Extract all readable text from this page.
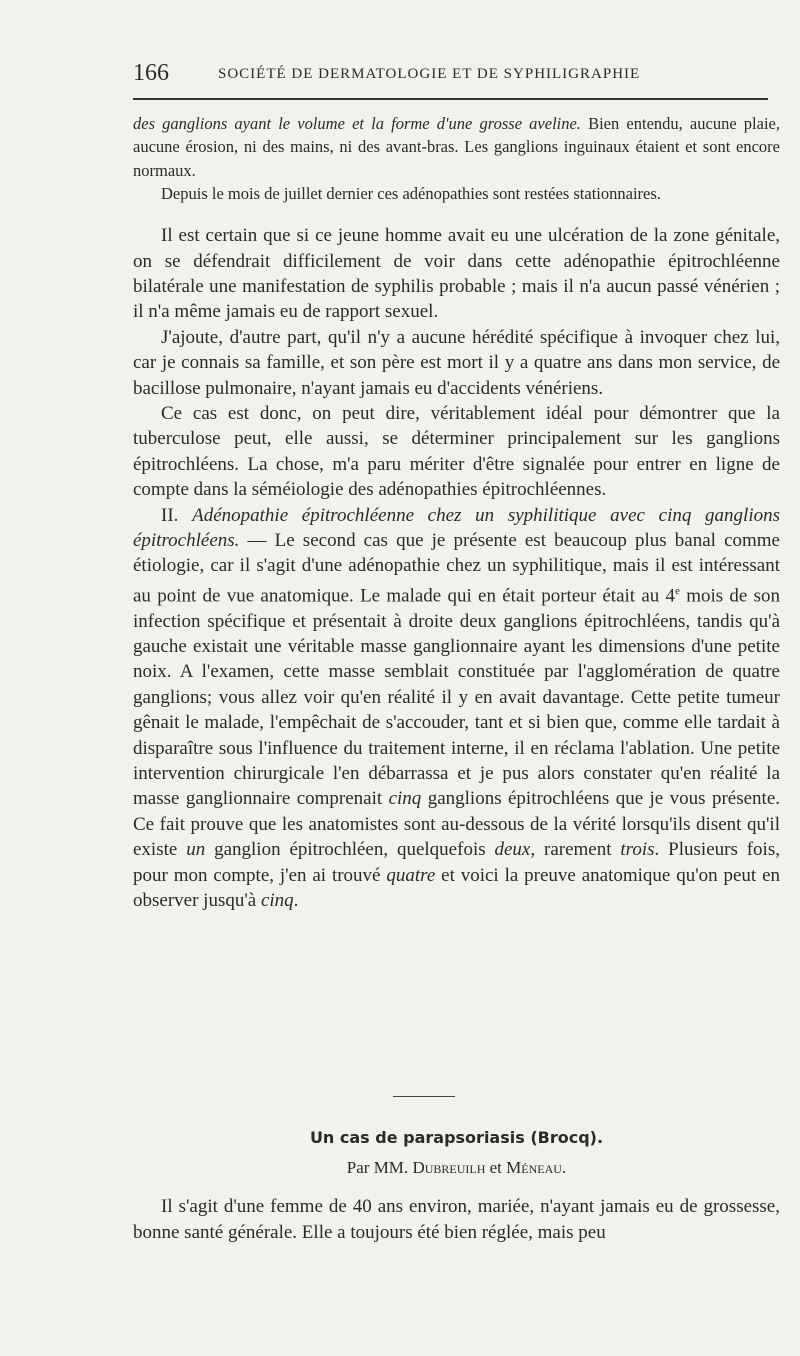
166	SOCIÉTÉ DE DERMATOLOGIE ET DE SYPHILIGRAPHIE

des ganglions ayant le volume et la forme d'une grosse aveline. Bien entendu, aucune plaie, aucune érosion, ni des mains, ni des avant-bras. Les ganglions inguinaux étaient et sont encore normaux.

Depuis le mois de juillet dernier ces adénopathies sont restées stationnaires.

Il est certain que si ce jeune homme avait eu une ulcération de la zone génitale, on se défendrait difficilement de voir dans cette adénopathie épitrochléenne bilatérale une manifestation de syphilis probable ; mais il n'a aucun passé vénérien ; il n'a même jamais eu de rapport sexuel.

J'ajoute, d'autre part, qu'il n'y a aucune hérédité spécifique à invoquer chez lui, car je connais sa famille, et son père est mort il y a quatre ans dans mon service, de bacillose pulmonaire, n'ayant jamais eu d'accidents vénériens.

Ce cas est donc, on peut dire, véritablement idéal pour démontrer que la tuberculose peut, elle aussi, se déterminer principalement sur les ganglions épitrochléens. La chose, m'a paru mériter d'être signalée pour entrer en ligne de compte dans la séméiologie des adénopathies épitrochléennes.

II. Adénopathie épitrochléenne chez un syphilitique avec cinq ganglions épitrochléens. — Le second cas que je présente est beaucoup plus banal comme étiologie, car il s'agit d'une adénopathie chez un syphilitique, mais il est intéressant au point de vue anatomique. Le malade qui en était porteur était au 4e mois de son infection spécifique et présentait à droite deux ganglions épitrochléens, tandis qu'à gauche existait une véritable masse ganglionnaire ayant les dimensions d'une petite noix. A l'examen, cette masse semblait constituée par l'agglomération de quatre ganglions; vous allez voir qu'en réalité il y en avait davantage. Cette petite tumeur gênait le malade, l'empêchait de s'accouder, tant et si bien que, comme elle tardait à disparaître sous l'influence du traitement interne, il en réclama l'ablation. Une petite intervention chirurgicale l'en débarrassa et je pus alors constater qu'en réalité la masse ganglionnaire comprenait cinq ganglions épitrochléens que je vous présente. Ce fait prouve que les anatomistes sont au-dessous de la vérité lorsqu'ils disent qu'il existe un ganglion épitrochléen, quelquefois deux, rarement trois. Plusieurs fois, pour mon compte, j'en ai trouvé quatre et voici la preuve anatomique qu'on peut en observer jusqu'à cinq.

Un cas de parapsoriasis (Brocq).
Par MM. Dubreuilh et Méneau.

Il s'agit d'une femme de 40 ans environ, mariée, n'ayant jamais eu de grossesse, bonne santé générale. Elle a toujours été bien réglée, mais peu
